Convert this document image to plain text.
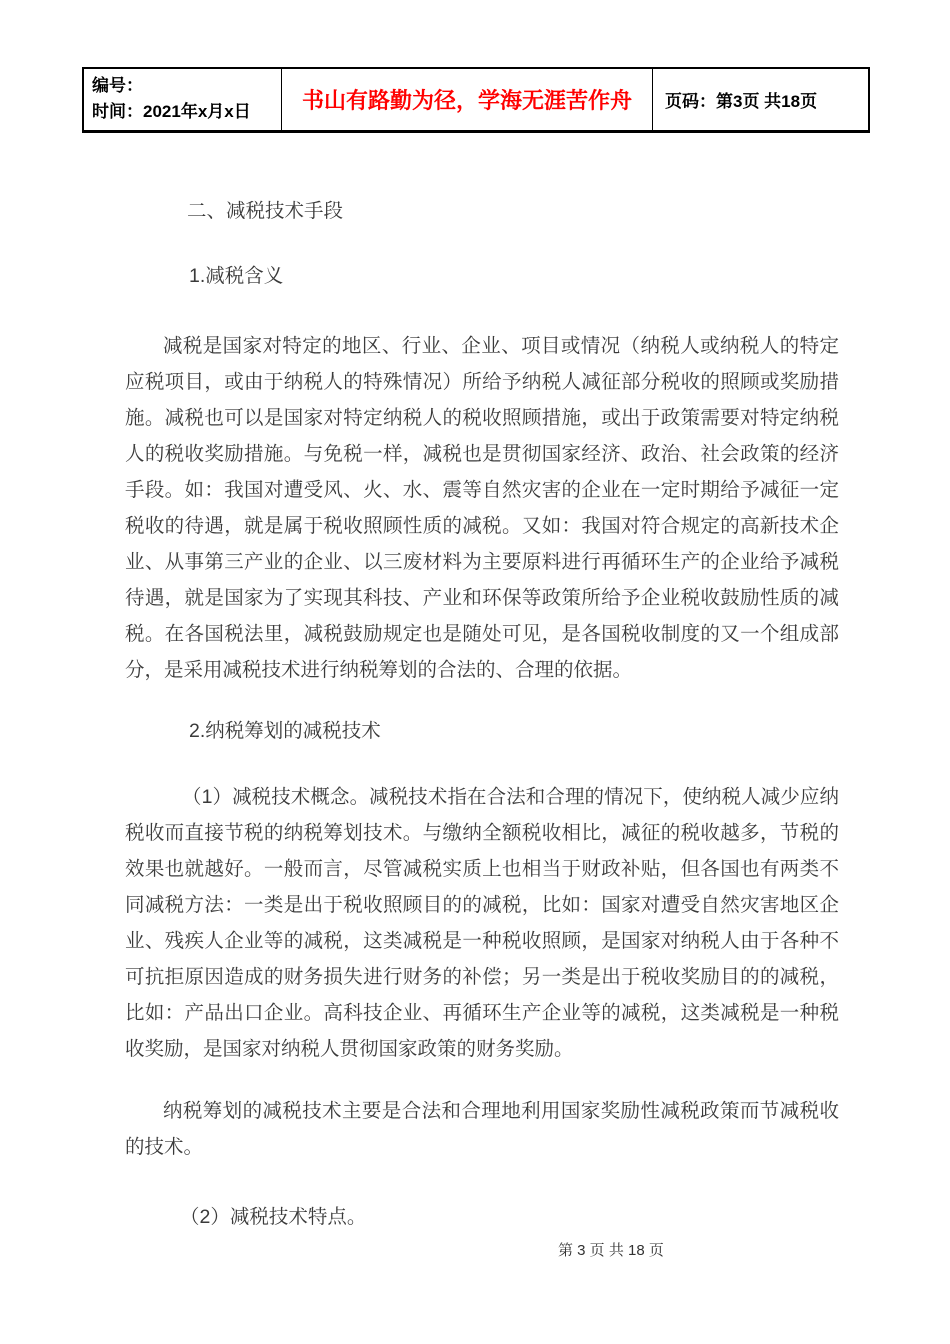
编号：
时间：2021年x月x日	书山有路勤为径，学海无涯苦作舟 页码：第3页 共18页
二、减税技术手段
1.减税含义
减税是国家对特定的地区、行业、企业、项目或情况（纳税人或纳税人的特定应税项目，或由于纳税人的特殊情况）所给予纳税人减征部分税收的照顾或奖励措施。减税也可以是国家对特定纳税人的税收照顾措施，或出于政策需要对特定纳税人的税收奖励措施。与免税一样，减税也是贯彻国家经济、政治、社会政策的经济手段。如：我国对遭受风、火、水、震等自然灾害的企业在一定时期给予减征一定税收的待遇，就是属于税收照顾性质的减税。又如：我国对符合规定的高新技术企业、从事第三产业的企业、以三废材料为主要原料进行再循环生产的企业给予减税待遇，就是国家为了实现其科技、产业和环保等政策所给予企业税收鼓励性质的减税。在各国税法里，减税鼓励规定也是随处可见，是各国税收制度的又一个组成部分，是采用减税技术进行纳税筹划的合法的、合理的依据。
2.纳税筹划的减税技术
（1）减税技术概念。减税技术指在合法和合理的情况下，使纳税人减少应纳税收而直接节税的纳税筹划技术。与缴纳全额税收相比，减征的税收越多，节税的效果也就越好。一般而言，尽管减税实质上也相当于财政补贴，但各国也有两类不同减税方法：一类是出于税收照顾目的的减税，比如：国家对遭受自然灾害地区企业、残疾人企业等的减税，这类减税是一种税收照顾，是国家对纳税人由于各种不可抗拒原因造成的财务损失进行财务的补偿；另一类是出于税收奖励目的的减税，比如：产品出口企业。高科技企业、再循环生产企业等的减税，这类减税是一种税收奖励，是国家对纳税人贯彻国家政策的财务奖励。
纳税筹划的减税技术主要是合法和合理地利用国家奖励性减税政策而节减税收的技术。
（2）减税技术特点。
第 3 页 共 18 页
